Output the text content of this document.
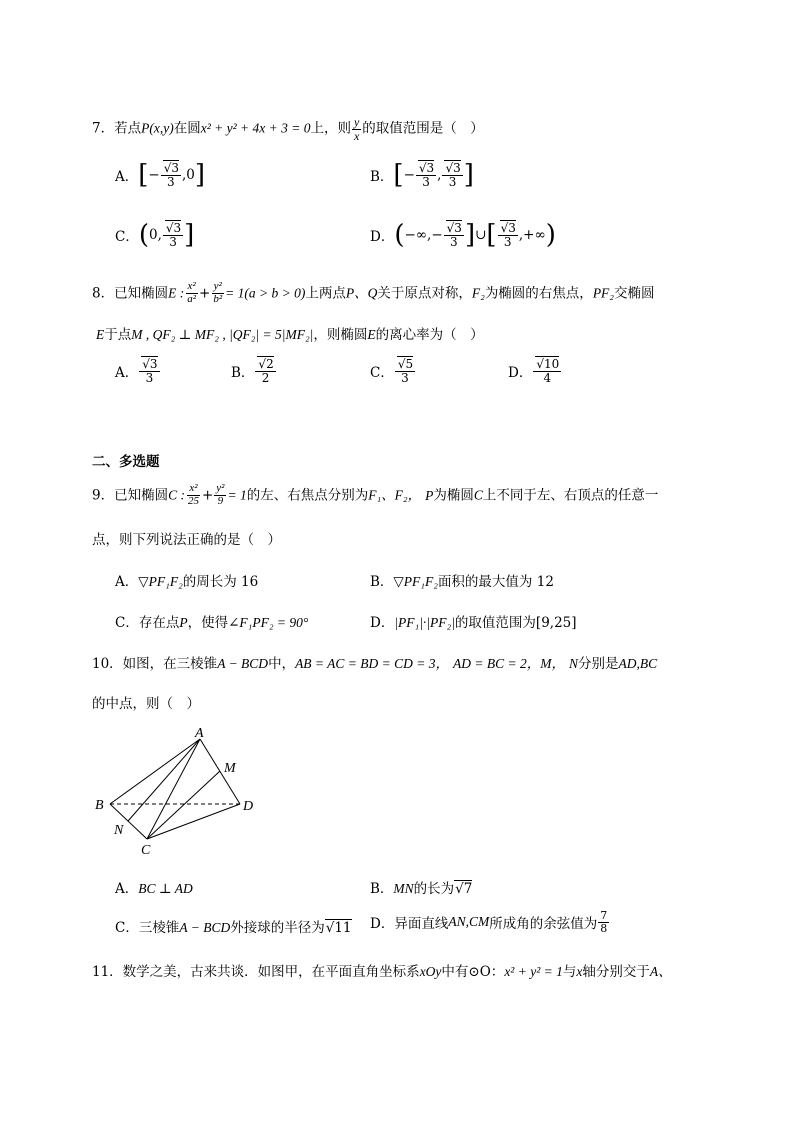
7．若点P(x,y)在圆x² + y² + 4x + 3 = 0上，则 $\frac{y}{x}$ 的取值范围是（　）
A．[− $\frac{√3}{3} ,0$]	B．[− $\frac{√3}{3}$ , $\frac{√3}{3}$ ]
C．(0, $\frac{√3}{3}$ ]	D．(−∞,− $\frac{√3}{3}$ ]∪[ $\frac{√3}{3}$ ,+∞)
8．已知椭圆E : $\frac{\text{x²}}{\text{a²}} + \frac{\text{y²}}{\text{b²}} = 1(a > b > 0)$上两点P、Q关于原点对称，F₂为椭圆的右焦点，PF₂交椭圆
E于点M , QF₂ ⊥ MF₂ , |QF₂| = 5|MF₂|，则椭圆E的离心率为（　）
A． $\frac{√3}{3}$	B． $\frac{√2}{2}$	C． $\frac{√5}{3}$	D． $\frac{√10}{4}$
二、多选题
9．已知椭圆C : $\frac{\text{x²}}{25} + \frac{\text{y²}}{9} = 1$的左、右焦点分别为F₁、F₂， P为椭圆C上不同于左、右顶点的任意一
点，则下列说法正确的是（　）
A．▽PF₁F₂的周长为 16	B．▽PF₁F₂面积的最大值为 12
C．存在点P，使得∠F₁PF₂ = 90°	D．|PF₁|·|PF₂|的取值范围为[9,25]
10．如图，在三棱锥A − BCD中，AB = AC = BD = CD = 3， AD = BC = 2，M， N分别是AD,BC
的中点，则（　）
A
B
C
D
M
N
A．BC ⊥ AD	B．MN的长为√7
C．三棱锥A − BCD外接球的半径为√11 D．异面直线AN,CM所成角的余弦值为 $\frac{7}{8}$
11．数学之美，古来共谈．如图甲，在平面直角坐标系xOy中有⊙O：x² + y² = 1与x轴分别交于A、
